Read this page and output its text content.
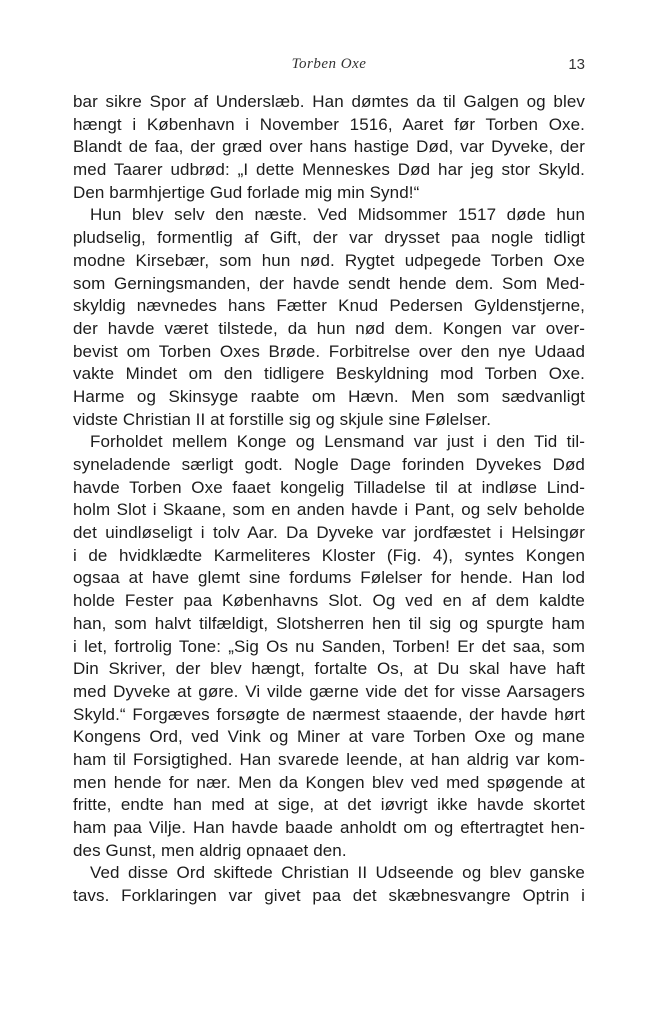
Torben Oxe	13
bar sikre Spor af Underslæb. Han dømtes da til Galgen og blev
hængt i København i November 1516, Aaret før Torben Oxe.
Blandt de faa, der græd over hans hastige Død, var Dyveke, der
med Taarer udbrød: „I dette Menneskes Død har jeg stor Skyld.
Den barmhjertige Gud forlade mig min Synd!“
Hun blev selv den næste. Ved Midsommer 1517 døde hun
pludselig, formentlig af Gift, der var drysset paa nogle tidligt
modne Kirsebær, som hun nød. Rygtet udpegede Torben Oxe
som Gerningsmanden, der havde sendt hende dem. Som Med-
skyldig nævnedes hans Fætter Knud Pedersen Gyldenstjerne,
der havde været tilstede, da hun nød dem. Kongen var over-
bevist om Torben Oxes Brøde. Forbitrelse over den nye Udaad
vakte Mindet om den tidligere Beskyldning mod Torben Oxe.
Harme og Skinsyge raabte om Hævn. Men som sædvanligt
vidste Christian II at forstille sig og skjule sine Følelser.
Forholdet mellem Konge og Lensmand var just i den Tid til-
syneladende særligt godt. Nogle Dage forinden Dyvekes Død
havde Torben Oxe faaet kongelig Tilladelse til at indløse Lind-
holm Slot i Skaane, som en anden havde i Pant, og selv beholde
det uindløseligt i tolv Aar. Da Dyveke var jordfæstet i Helsingør
i de hvidklædte Karmeliteres Kloster (Fig. 4), syntes Kongen
ogsaa at have glemt sine fordums Følelser for hende. Han lod
holde Fester paa Københavns Slot. Og ved en af dem kaldte
han, som halvt tilfældigt, Slotsherren hen til sig og spurgte ham
i let, fortrolig Tone: „Sig Os nu Sanden, Torben! Er det saa, som
Din Skriver, der blev hængt, fortalte Os, at Du skal have haft
med Dyveke at gøre. Vi vilde gærne vide det for visse Aarsagers
Skyld.“ Forgæves forsøgte de nærmest staaende, der havde hørt
Kongens Ord, ved Vink og Miner at vare Torben Oxe og mane
ham til Forsigtighed. Han svarede leende, at han aldrig var kom-
men hende for nær. Men da Kongen blev ved med spøgende at
fritte, endte han med at sige, at det iøvrigt ikke havde skortet
ham paa Vilje. Han havde baade anholdt om og eftertragtet hen-
des Gunst, men aldrig opnaaet den.
Ved disse Ord skiftede Christian II Udseende og blev ganske
tavs. Forklaringen var givet paa det skæbnesvangre Optrin i
